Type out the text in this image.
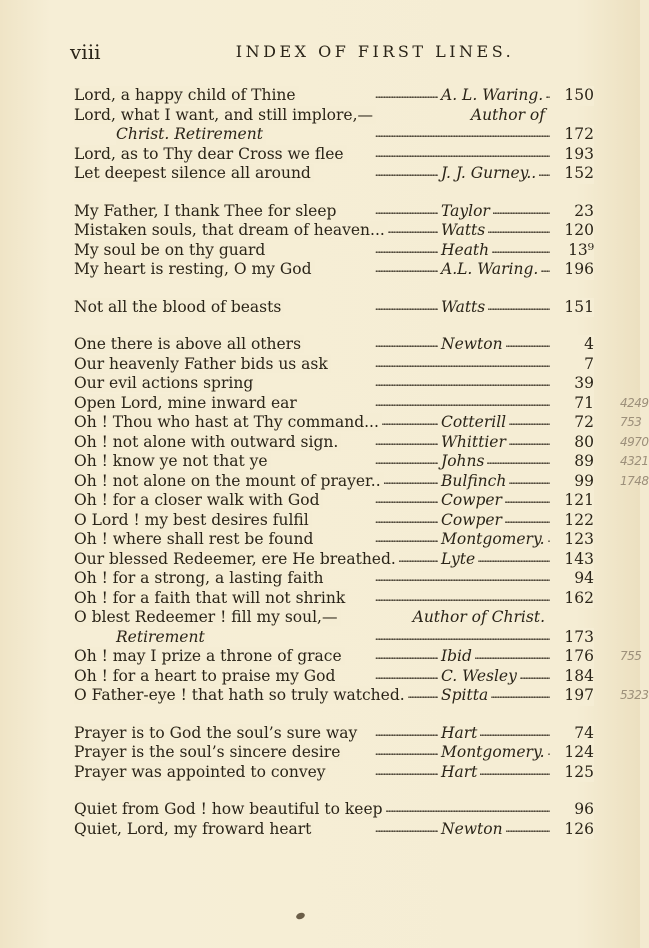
viii	INDEX OF FIRST LINES.
. . .
Lord, a happy child of Thine	A. L. Waring.	150
Lord, what I want, and still implore,—	Author of
. . .
Christ. Retirement	172
. . .
Lord, as to Thy dear Cross we flee	193
. . .
Let deepest silence all around	J. J. Gurney..	152
. . .
My Father, I thank Thee for sleep	Taylor	23
. . .
Mistaken souls, that dream of heaven...	Watts	120
. . .
My soul be on thy guard	Heath	13⁹
. . .
My heart is resting, O my God	A.L. Waring.	196
. . .
Not all the blood of beasts	Watts	151
. . .
One there is above all others	Newton	4
. . .
Our heavenly Father bids us ask	7
. . .
Our evil actions spring	39
. . .
Open Lord, mine inward ear	71 4249
. . .
Oh ! Thou who hast at Thy command...	Cotterill	72 753
. . .
Oh ! not alone with outward sign.	Whittier	80 4970
. . .
Oh ! know ye not that ye	Johns	89 4321
. . .
Oh ! not alone on the mount of prayer..	Bulfinch	99 1748
. . .
Oh ! for a closer walk with God	Cowper	121
. . .
O Lord ! my best desires fulfil	Cowper	122
. . .
Oh ! where shall rest be found	Montgomery.	123
. . .
Our blessed Redeemer, ere He breathed.	Lyte	143
. . .
Oh ! for a strong, a lasting faith	94
. . .
Oh ! for a faith that will not shrink	162
O blest Redeemer ! fill my soul,—	Author of Christ.
. . .
Retirement	173
. . .
Oh ! may I prize a throne of grace	Ibid	176 755
. . .
Oh ! for a heart to praise my God	C. Wesley	184
. . .
O Father-eye ! that hath so truly watched. Spitta	197 5323
. . .
Prayer is to God the soul’s sure way	Hart	74
. . .
Prayer is the soul’s sincere desire	Montgomery.	124
. . .
Prayer was appointed to convey	Hart	125
. . .
Quiet from God ! how beautiful to keep	96
. . .
Quiet, Lord, my froward heart	Newton	126
